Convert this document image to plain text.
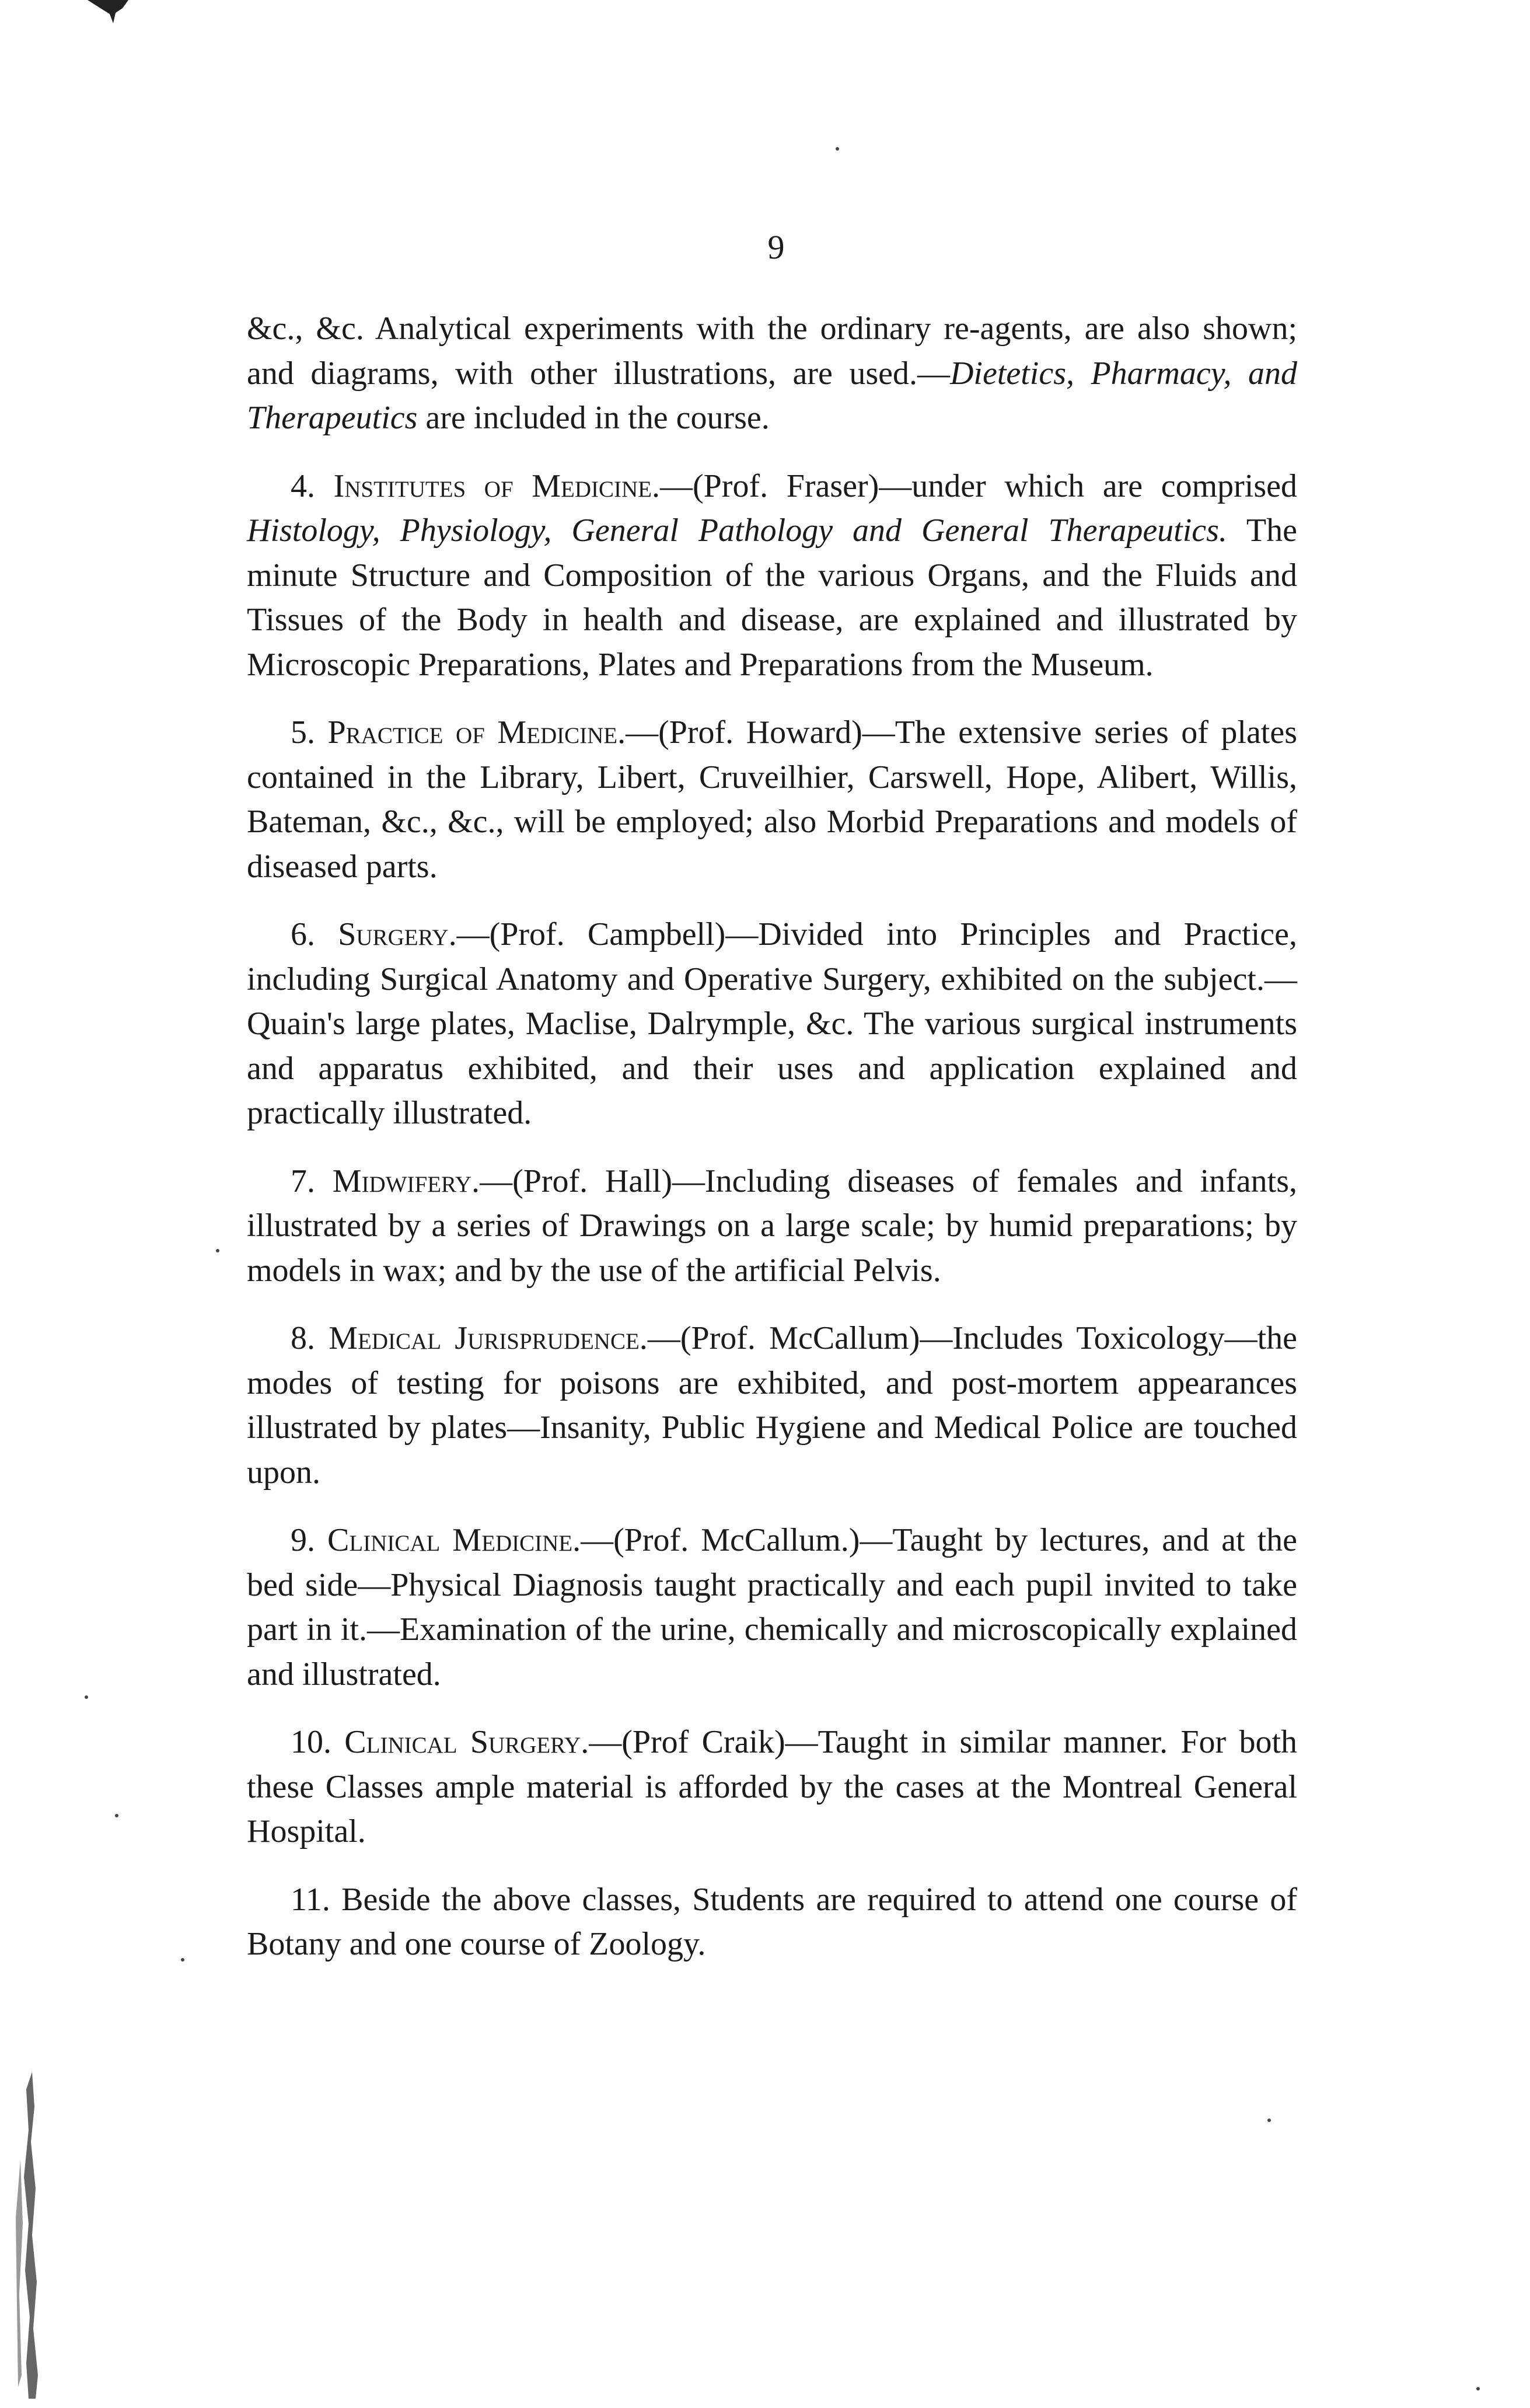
9

&c., &c. Analytical experiments with the ordinary re-agents, are also shown; and diagrams, with other illustrations, are used.—Dietetics, Pharmacy, and Therapeutics are included in the course.

4. Institutes of Medicine.—(Prof. Fraser)—under which are comprised Histology, Physiology, General Pathology and General Therapeutics. The minute Structure and Composition of the various Organs, and the Fluids and Tissues of the Body in health and disease, are explained and illustrated by Microscopic Preparations, Plates and Preparations from the Museum.

5. Practice of Medicine.—(Prof. Howard)—The extensive series of plates contained in the Library, Libert, Cruveilhier, Carswell, Hope, Alibert, Willis, Bateman, &c., &c., will be employed; also Morbid Preparations and models of diseased parts.

6. Surgery.—(Prof. Campbell)—Divided into Principles and Practice, including Surgical Anatomy and Operative Surgery, exhibited on the subject.—Quain's large plates, Maclise, Dalrymple, &c. The various surgical instruments and apparatus exhibited, and their uses and application explained and practically illustrated.

7. Midwifery.—(Prof. Hall)—Including diseases of females and infants, illustrated by a series of Drawings on a large scale; by humid preparations; by models in wax; and by the use of the artificial Pelvis.

8. Medical Jurisprudence.—(Prof. McCallum)—Includes Toxicology—the modes of testing for poisons are exhibited, and post-mortem appearances illustrated by plates—Insanity, Public Hygiene and Medical Police are touched upon.

9. Clinical Medicine.—(Prof. McCallum.)—Taught by lectures, and at the bed side—Physical Diagnosis taught practically and each pupil invited to take part in it.—Examination of the urine, chemically and microscopically explained and illustrated.

10. Clinical Surgery.—(Prof Craik)—Taught in similar manner. For both these Classes ample material is afforded by the cases at the Montreal General Hospital.

11. Beside the above classes, Students are required to attend one course of Botany and one course of Zoology.
